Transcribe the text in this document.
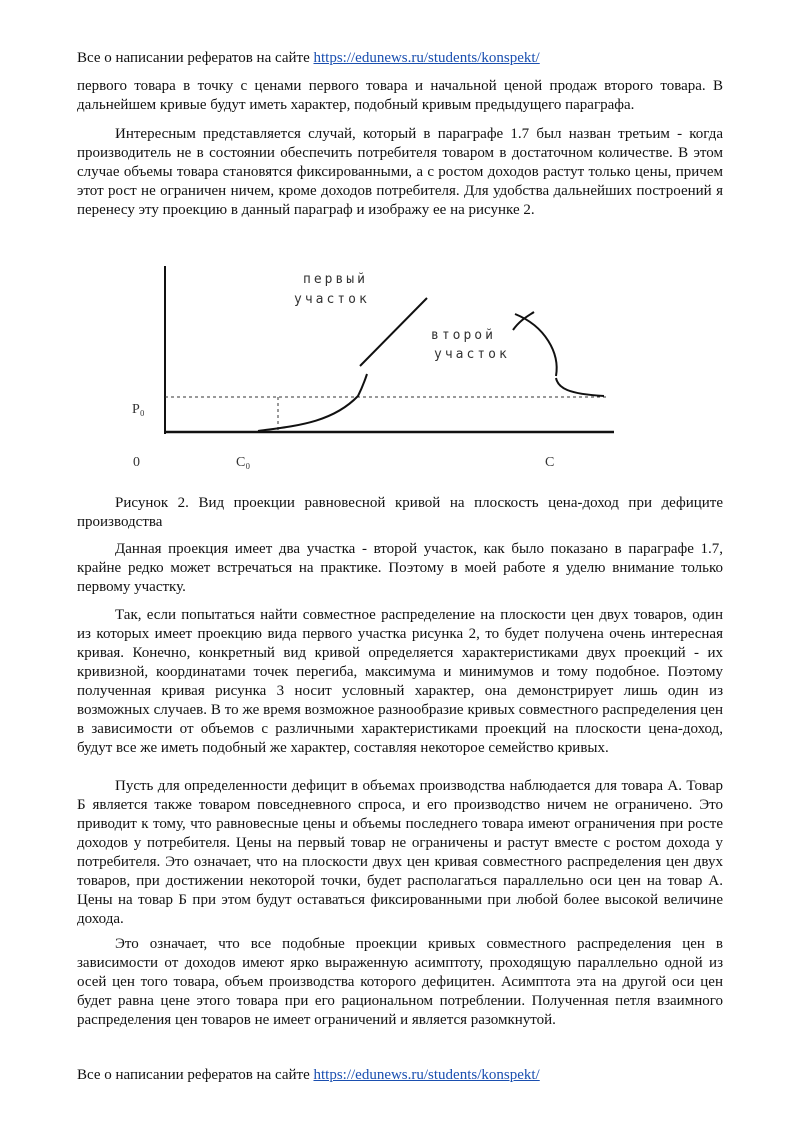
Все о написании рефератов на сайте https://edunews.ru/students/konspekt/

первого товара в точку с ценами первого товара и начальной ценой продаж второго товара. В дальнейшем кривые будут иметь характер, подобный кривым предыдущего параграфа.

Интересным представляется случай, который в параграфе 1.7 был назван третьим - когда производитель не в состоянии обеспечить потребителя товаром в достаточном количестве. В этом случае объемы товара становятся фиксированными, а с ростом доходов растут только цены, причем этот рост не ограничен ничем, кроме доходов потребителя. Для удобства дальнейших построений я перенесу эту проекцию в данный параграф и изображу ее на рисунке 2.

Рисунок 2. Вид проекции равновесной кривой на плоскость цена-доход при дефиците производства

Данная проекция имеет два участка - второй участок, как было показано в параграфе 1.7, крайне редко может встречаться на практике. Поэтому в моей работе я уделю внимание только первому участку.

Так, если попытаться найти совместное распределение на плоскости цен двух товаров, один из которых имеет проекцию вида первого участка рисунка 2, то будет получена очень интересная кривая. Конечно, конкретный вид кривой определяется характеристиками двух проекций - их кривизной, координатами точек перегиба, максимума и минимумов и тому подобное. Поэтому полученная кривая рисунка 3 носит условный характер, она демонстрирует лишь один из возможных случаев. В то же время возможное разнообразие кривых совместного распределения цен в зависимости от объемов с различными характеристиками проекций на плоскости цена-доход, будут все же иметь подобный же характер, составляя некоторое семейство кривых.

Пусть для определенности дефицит в объемах производства наблюдается для товара А. Товар Б является также товаром повседневного спроса, и его производство ничем не ограничено. Это приводит к тому, что равновесные цены и объемы последнего товара имеют ограничения при росте доходов у потребителя. Цены на первый товар не ограничены и растут вместе с ростом дохода у потребителя. Это означает, что на плоскости двух цен кривая совместного распределения цен двух товаров, при достижении некоторой точки, будет располагаться параллельно оси цен на товар А. Цены на товар Б при этом будут оставаться фиксированными при любой более высокой величине дохода.

Это означает, что все подобные проекции кривых совместного распределения цен в зависимости от доходов имеют ярко выраженную асимптоту, проходящую параллельно одной из осей цен того товара, объем производства которого дефицитен. Асимптота эта на другой оси цен будет равна цене этого товара при его рациональном потреблении. Полученная петля взаимного распределения цен товаров не имеет ограничений и является разомкнутой.

Все о написании рефератов на сайте https://edunews.ru/students/konspekt/
первый
участок
второй
участок
P₀
0	C₀	C
